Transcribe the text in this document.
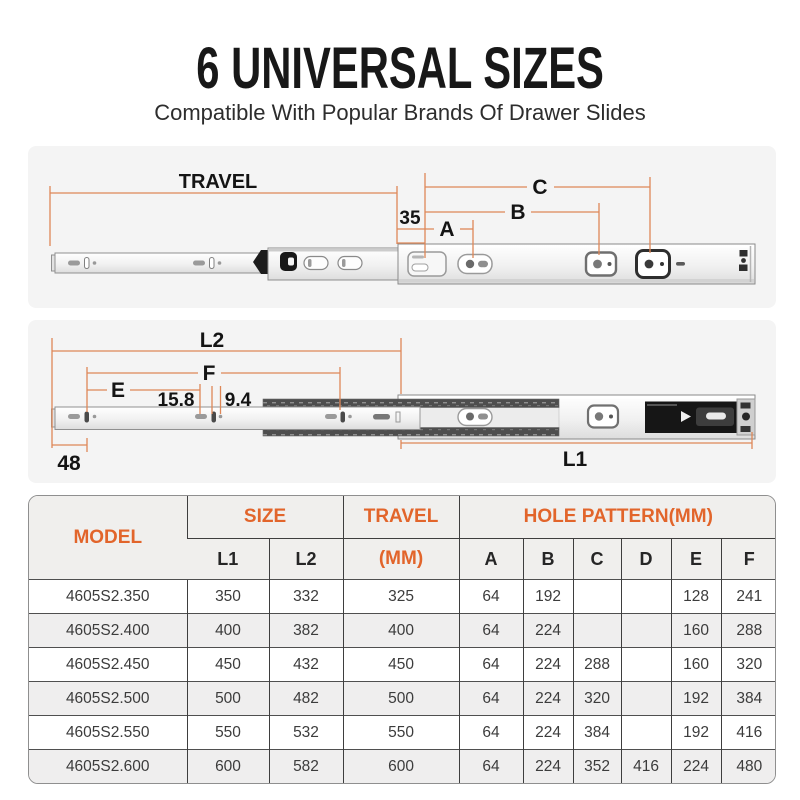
6 UNIVERSAL SIZES

Compatible With Popular Brands Of Drawer Slides

TRAVEL
35 A
B
C
L2
F
E 15.8 9.4
48	L1
MODEL	SIZE		TRAVEL	HOLE PATTERN(MM)					
	L1	L2	(MM)	A	B	C	D	E	F
4605S2.350	350	332	325	64	192			128	241
4605S2.400	400	382	400	64	224			160	288
4605S2.450	450	432	450	64	224	288		160	320
4605S2.500	500	482	500	64	224	320		192	384
4605S2.550	550	532	550	64	224	384		192	416
4605S2.600	600	582	600	64	224	352	416	224	480
